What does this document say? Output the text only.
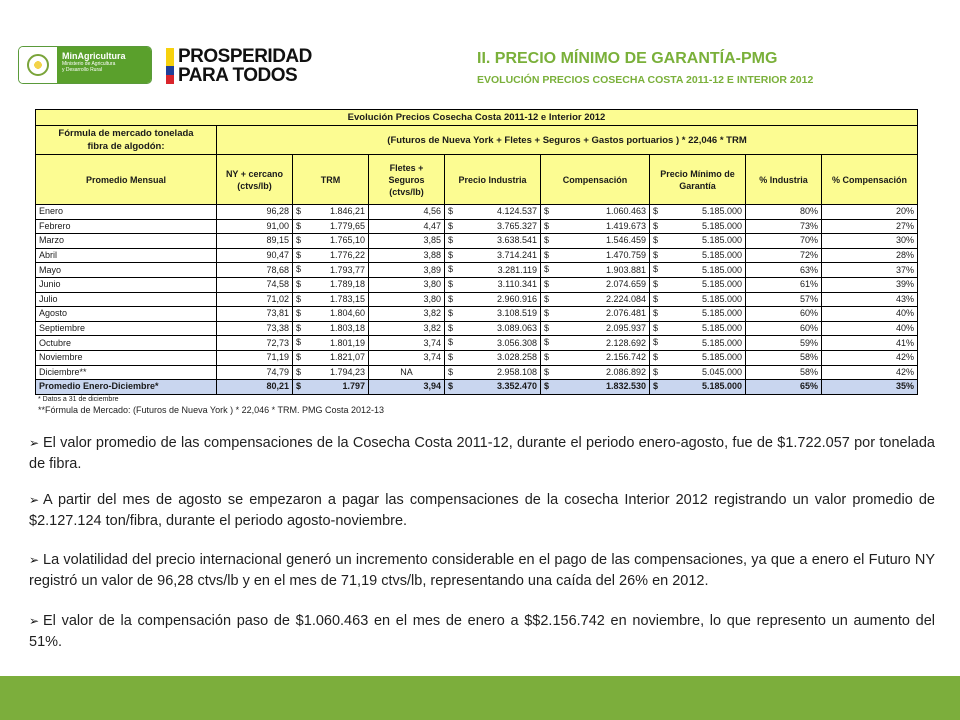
MinAgricultura
Ministerio de Agricultura
y Desarrollo Rural
PROSPERIDAD
PARA TODOS
II. PRECIO MÍNIMO DE GARANTÍA-PMG
EVOLUCIÓN PRECIOS COSECHA COSTA 2011-12 E INTERIOR 2012
Evolución Precios Cosecha Costa 2011-12 e Interior 2012								
Fórmula de mercado tonelada fibra de algodón:	(Futuros de Nueva York + Fletes + Seguros + Gastos portuarios ) * 22,046 * TRM							
Promedio Mensual	NY + cercano (ctvs/lb)	TRM	Fletes + Seguros (ctvs/lb)	Precio Industria	Compensación	Precio Mínimo de Garantía	% Industria	% Compensación
Enero	96,28	$ 1.846,21	4,56	$ 4.124.537	$ 1.060.463	$ 5.185.000	80%	20%
Febrero	91,00	$ 1.779,65	4,47	$ 3.765.327	$ 1.419.673	$ 5.185.000	73%	27%
Marzo	89,15	$ 1.765,10	3,85	$ 3.638.541	$ 1.546.459	$ 5.185.000	70%	30%
Abril	90,47	$ 1.776,22	3,88	$ 3.714.241	$ 1.470.759	$ 5.185.000	72%	28%
Mayo	78,68	$ 1.793,77	3,89	$ 3.281.119	$ 1.903.881	$ 5.185.000	63%	37%
Junio	74,58	$ 1.789,18	3,80	$ 3.110.341	$ 2.074.659	$ 5.185.000	61%	39%
Julio	71,02	$ 1.783,15	3,80	$ 2.960.916	$ 2.224.084	$ 5.185.000	57%	43%
Agosto	73,81	$ 1.804,60	3,82	$ 3.108.519	$ 2.076.481	$ 5.185.000	60%	40%
Septiembre	73,38	$ 1.803,18	3,82	$ 3.089.063	$ 2.095.937	$ 5.185.000	60%	40%
Octubre	72,73	$ 1.801,19	3,74	$ 3.056.308	$ 2.128.692	$ 5.185.000	59%	41%
Noviembre	71,19	$ 1.821,07	3,74	$ 3.028.258	$ 2.156.742	$ 5.185.000	58%	42%
Diciembre**	74,79	$ 1.794,23	NA	$ 2.958.108	$ 2.086.892	$ 5.045.000	58%	42%
Promedio Enero-Diciembre*	80,21	$ 1.797	3,94	$ 3.352.470	$ 1.832.530	$ 5.185.000	65%	35%
* Datos a 31 de diciembre
**Fórmula de Mercado: (Futuros de Nueva York ) * 22,046 * TRM. PMG Costa 2012-13
➢ El valor promedio de las compensaciones de la Cosecha Costa 2011-12, durante el periodo enero-agosto, fue de $1.722.057 por tonelada de fibra.
➢ A partir del mes de agosto se empezaron a pagar las compensaciones de la cosecha Interior 2012 registrando un valor promedio de $2.127.124 ton/fibra, durante el periodo agosto-noviembre.
➢ La volatilidad del precio internacional generó un incremento considerable en el pago de las compensaciones, ya que a enero el Futuro NY registró un valor de 96,28 ctvs/lb y en el mes de 71,19 ctvs/lb, representando una caída del 26% en 2012.
➢ El valor de la compensación paso de $1.060.463 en el mes de enero a $$2.156.742 en noviembre, lo que represento un aumento del 51%.
